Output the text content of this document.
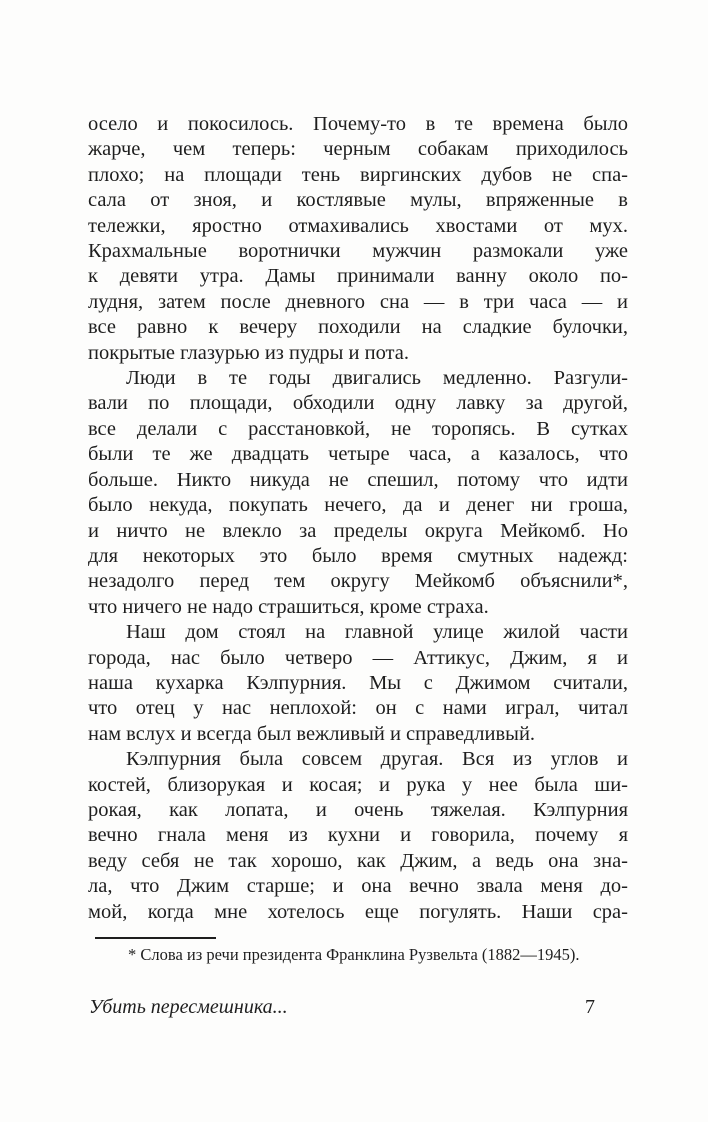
осело и покосилось. Почему-то в те времена было
жарче, чем теперь: черным собакам приходилось
плохо; на площади тень виргинских дубов не спа-
сала от зноя, и костлявые мулы, впряженные в
тележки, яростно отмахивались хвостами от мух.
Крахмальные воротнички мужчин размокали уже
к девяти утра. Дамы принимали ванну около по-
лудня, затем после дневного сна — в три часа — и
все равно к вечеру походили на сладкие булочки,
покрытые глазурью из пудры и пота.
Люди в те годы двигались медленно. Разгули-
вали по площади, обходили одну лавку за другой,
все делали с расстановкой, не торопясь. В сутках
были те же двадцать четыре часа, а казалось, что
больше. Никто никуда не спешил, потому что идти
было некуда, покупать нечего, да и денег ни гроша,
и ничто не влекло за пределы округа Мейкомб. Но
для некоторых это было время смутных надежд:
незадолго перед тем округу Мейкомб объяснили*,
что ничего не надо страшиться, кроме страха.
Наш дом стоял на главной улице жилой части
города, нас было четверо — Аттикус, Джим, я и
наша кухарка Кэлпурния. Мы с Джимом считали,
что отец у нас неплохой: он с нами играл, читал
нам вслух и всегда был вежливый и справедливый.
Кэлпурния была совсем другая. Вся из углов и
костей, близорукая и косая; и рука у нее была ши-
рокая, как лопата, и очень тяжелая. Кэлпурния
вечно гнала меня из кухни и говорила, почему я
веду себя не так хорошо, как Джим, а ведь она зна-
ла, что Джим старше; и она вечно звала меня до-
мой, когда мне хотелось еще погулять. Наши сра-
* Слова из речи президента Франклина Рузвельта (1882—1945).
Убить пересмешника...	7
